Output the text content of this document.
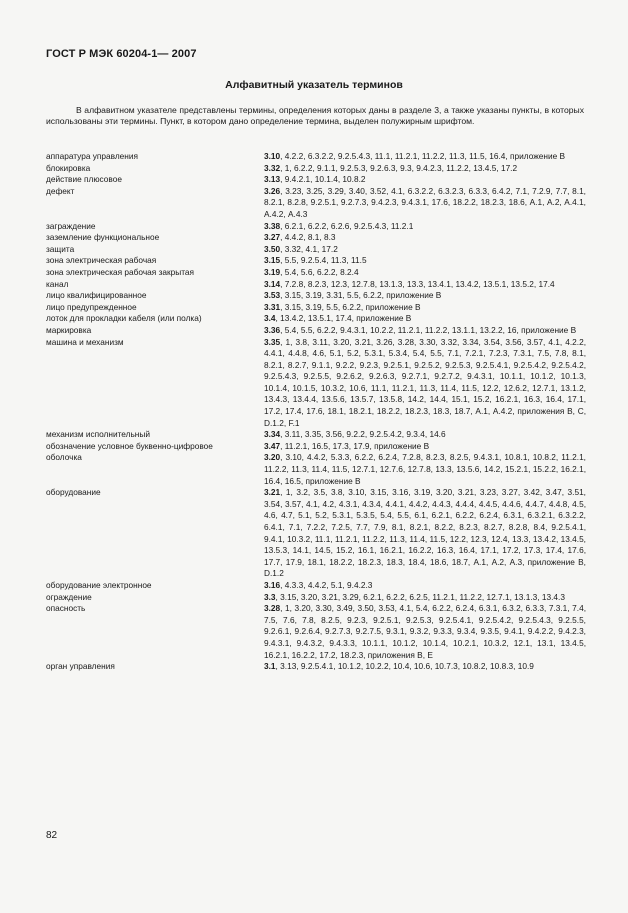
ГОСТ Р МЭК 60204-1— 2007
Алфавитный указатель терминов

В алфавитном указателе представлены термины, определения которых даны в разделе 3, а также указаны пункты, в которых использованы эти термины. Пункт, в котором дано определение термина, выделен полужирным шрифтом.

аппаратура управления	3.10, 4.2.2, 6.3.2.2, 9.2.5.4.3, 11.1, 11.2.1, 11.2.2, 11.3, 11.5, 16.4, приложение В
блокировка	3.32, 1, 6.2.2, 9.1.1, 9.2.5.3, 9.2.6.3, 9.3, 9.4.2.3, 11.2.2, 13.4.5, 17.2
действие плюсовое	3.13, 9.4.2.1, 10.1.4, 10.8.2
дефект	3.26, 3.23, 3.25, 3.29, 3.40, 3.52, 4.1, 6.3.2.2, 6.3.2.3, 6.3.3, 6.4.2, 7.1, 7.2.9, 7.7, 8.1, 8.2.1, 8.2.8, 9.2.5.1, 9.2.7.3, 9.4.2.3, 9.4.3.1, 17.6, 18.2.2, 18.2.3, 18.6, А.1, А.2, А.4.1, А.4.2, А.4.3
заграждение	3.38, 6.2.1, 6.2.2, 6.2.6, 9.2.5.4.3, 11.2.1
заземление функциональное	3.27, 4.4.2, 8.1, 8.3
защита	3.50, 3.32, 4.1, 17.2
зона электрическая рабочая	3.15, 5.5, 9.2.5.4, 11.3, 11.5
зона электрическая рабочая закрытая	3.19, 5.4, 5.6, 6.2.2, 8.2.4
канал	3.14, 7.2.8, 8.2.3, 12.3, 12.7.8, 13.1.3, 13.3, 13.4.1, 13.4.2, 13.5.1, 13.5.2, 17.4
лицо квалифицированное	3.53, 3.15, 3.19, 3.31, 5.5, 6.2.2, приложение В
лицо предупрежденное	3.31, 3.15, 3.19, 5.5, 6.2.2, приложение В
лоток для прокладки кабеля (или полка)	3.4, 13.4.2, 13.5.1, 17.4, приложение В
маркировка	3.36, 5.4, 5.5, 6.2.2, 9.4.3.1, 10.2.2, 11.2.1, 11.2.2, 13.1.1, 13.2.2, 16, приложение В
машина и механизм	3.35, 1, 3.8, 3.11, 3.20, 3.21, 3.26, 3.28, 3.30, 3.32, 3.34, 3.54, 3.56, 3.57, 4.1, 4.2.2, 4.4.1, 4.4.8, 4.6, 5.1, 5.2, 5.3.1, 5.3.4, 5.4, 5.5, 7.1, 7.2.1, 7.2.3, 7.3.1, 7.5, 7.8, 8.1, 8.2.1, 8.2.7, 9.1.1, 9.2.2, 9.2.3, 9.2.5.1, 9.2.5.2, 9.2.5.3, 9.2.5.4.1, 9.2.5.4.2, 9.2.5.4.2, 9.2.5.4.3, 9.2.5.5, 9.2.6.2, 9.2.6.3, 9.2.7.1, 9.2.7.2, 9.4.3.1, 10.1.1, 10.1.2, 10.1.3, 10.1.4, 10.1.5, 10.3.2, 10.6, 11.1, 11.2.1, 11.3, 11.4, 11.5, 12.2, 12.6.2, 12.7.1, 13.1.2, 13.4.3, 13.4.4, 13.5.6, 13.5.7, 13.5.8, 14.2, 14.4, 15.1, 15.2, 16.2.1, 16.3, 16.4, 17.1, 17.2, 17.4, 17.6, 18.1, 18.2.1, 18.2.2, 18.2.3, 18.3, 18.7, А.1, А.4.2, приложения В, С, D.1.2, F.1
механизм исполнительный	3.34, 3.11, 3.35, 3.56, 9.2.2, 9.2.5.4.2, 9.3.4, 14.6
обозначение условное буквенно-цифровое	3.47, 11.2.1, 16.5, 17.3, 17.9, приложение В
оболочка	3.20, 3.10, 4.4.2, 5.3.3, 6.2.2, 6.2.4, 7.2.8, 8.2.3, 8.2.5, 9.4.3.1, 10.8.1, 10.8.2, 11.2.1, 11.2.2, 11.3, 11.4, 11.5, 12.7.1, 12.7.6, 12.7.8, 13.3, 13.5.6, 14.2, 15.2.1, 15.2.2, 16.2.1, 16.4, 16.5, приложение В
оборудование	3.21, 1, 3.2, 3.5, 3.8, 3.10, 3.15, 3.16, 3.19, 3.20, 3.21, 3.23, 3.27, 3.42, 3.47, 3.51, 3.54, 3.57, 4.1, 4.2, 4.3.1, 4.3.4, 4.4.1, 4.4.2, 4.4.3, 4.4.4, 4.4.5, 4.4.6, 4.4.7, 4.4.8, 4.5, 4.6, 4.7, 5.1, 5.2, 5.3.1, 5.3.5, 5.4, 5.5, 6.1, 6.2.1, 6.2.2, 6.2.4, 6.3.1, 6.3.2.1, 6.3.2.2, 6.4.1, 7.1, 7.2.2, 7.2.5, 7.7, 7.9, 8.1, 8.2.1, 8.2.2, 8.2.3, 8.2.7, 8.2.8, 8.4, 9.2.5.4.1, 9.4.1, 10.3.2, 11.1, 11.2.1, 11.2.2, 11.3, 11.4, 11.5, 12.2, 12.3, 12.4, 13.3, 13.4.2, 13.4.5, 13.5.3, 14.1, 14.5, 15.2, 16.1, 16.2.1, 16.2.2, 16.3, 16.4, 17.1, 17.2, 17.3, 17.4, 17.6, 17.7, 17.9, 18.1, 18.2.2, 18.2.3, 18.3, 18.4, 18.6, 18.7, А.1, А.2, А.3, приложение В, D.1.2
оборудование электронное	3.16, 4.3.3, 4.4.2, 5.1, 9.4.2.3
ограждение	3.3, 3.15, 3.20, 3.21, 3.29, 6.2.1, 6.2.2, 6.2.5, 11.2.1, 11.2.2, 12.7.1, 13.1.3, 13.4.3
опасность	3.28, 1, 3.20, 3.30, 3.49, 3.50, 3.53, 4.1, 5.4, 6.2.2, 6.2.4, 6.3.1, 6.3.2, 6.3.3, 7.3.1, 7.4, 7.5, 7.6, 7.8, 8.2.5, 9.2.3, 9.2.5.1, 9.2.5.3, 9.2.5.4.1, 9.2.5.4.2, 9.2.5.4.3, 9.2.5.5, 9.2.6.1, 9.2.6.4, 9.2.7.3, 9.2.7.5, 9.3.1, 9.3.2, 9.3.3, 9.3.4, 9.3.5, 9.4.1, 9.4.2.2, 9.4.2.3, 9.4.3.1, 9.4.3.2, 9.4.3.3, 10.1.1, 10.1.2, 10.1.4, 10.2.1, 10.3.2, 12.1, 13.1, 13.4.5, 16.2.1, 16.2.2, 17.2, 18.2.3, приложения В, Е
орган управления	3.1, 3.13, 9.2.5.4.1, 10.1.2, 10.2.2, 10.4, 10.6, 10.7.3, 10.8.2, 10.8.3, 10.9
82
